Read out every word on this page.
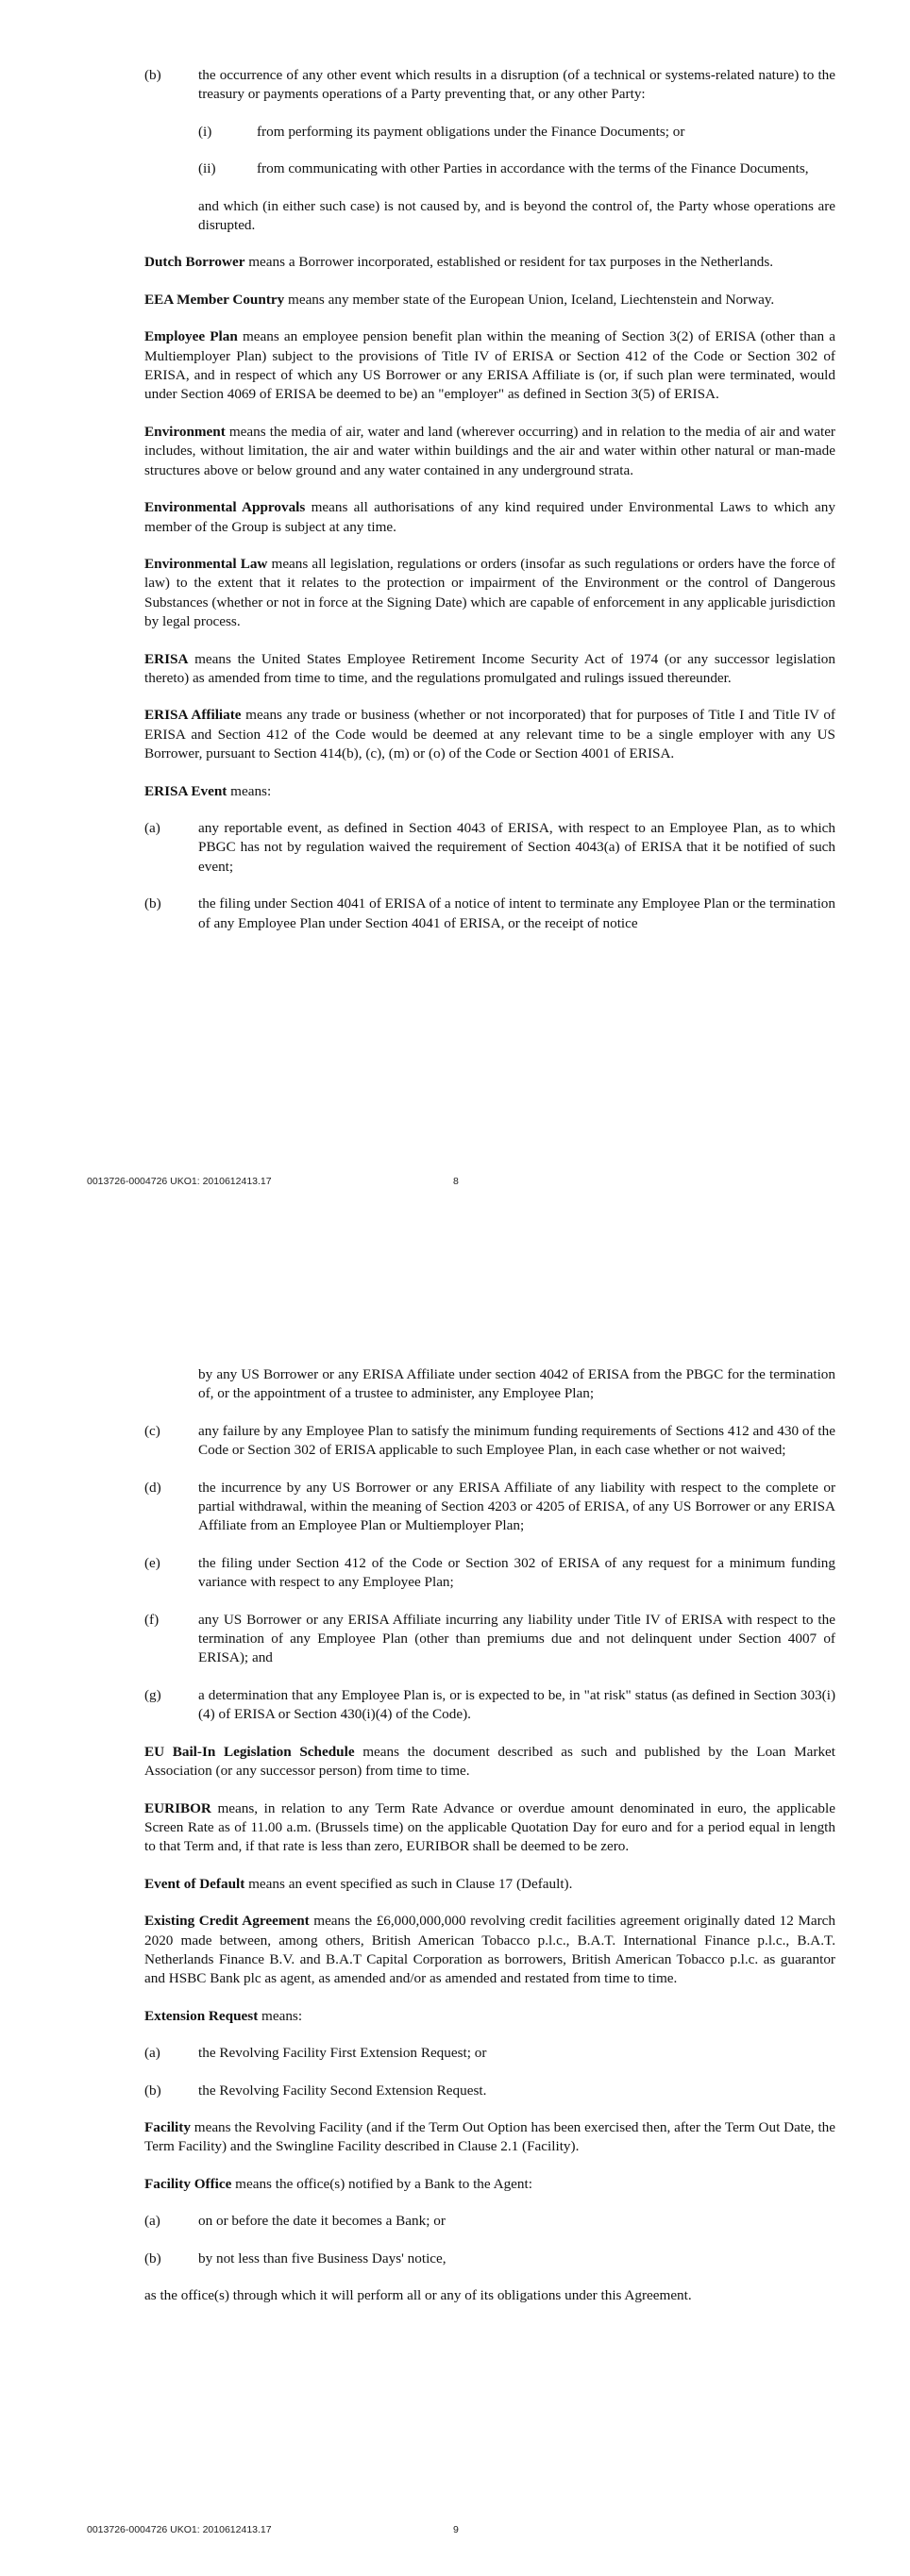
(b)	the occurrence of any other event which results in a disruption (of a technical or systems-related nature) to the treasury or payments operations of a Party preventing that, or any other Party:
(i)	from performing its payment obligations under the Finance Documents; or
(ii)	from communicating with other Parties in accordance with the terms of the Finance Documents,

and which (in either such case) is not caused by, and is beyond the control of, the Party whose operations are disrupted.

Dutch Borrower means a Borrower incorporated, established or resident for tax purposes in the Netherlands.

EEA Member Country means any member state of the European Union, Iceland, Liechtenstein and Norway.

Employee Plan means an employee pension benefit plan within the meaning of Section 3(2) of ERISA (other than a Multiemployer Plan) subject to the provisions of Title IV of ERISA or Section 412 of the Code or Section 302 of ERISA, and in respect of which any US Borrower or any ERISA Affiliate is (or, if such plan were terminated, would under Section 4069 of ERISA be deemed to be) an "employer" as defined in Section 3(5) of ERISA.

Environment means the media of air, water and land (wherever occurring) and in relation to the media of air and water includes, without limitation, the air and water within buildings and the air and water within other natural or man-made structures above or below ground and any water contained in any underground strata.

Environmental Approvals means all authorisations of any kind required under Environmental Laws to which any member of the Group is subject at any time.

Environmental Law means all legislation, regulations or orders (insofar as such regulations or orders have the force of law) to the extent that it relates to the protection or impairment of the Environment or the control of Dangerous Substances (whether or not in force at the Signing Date) which are capable of enforcement in any applicable jurisdiction by legal process.

ERISA means the United States Employee Retirement Income Security Act of 1974 (or any successor legislation thereto) as amended from time to time, and the regulations promulgated and rulings issued thereunder.

ERISA Affiliate means any trade or business (whether or not incorporated) that for purposes of Title I and Title IV of ERISA and Section 412 of the Code would be deemed at any relevant time to be a single employer with any US Borrower, pursuant to Section 414(b), (c), (m) or (o) of the Code or Section 4001 of ERISA.

ERISA Event means:

(a)	any reportable event, as defined in Section 4043 of ERISA, with respect to an Employee Plan, as to which PBGC has not by regulation waived the requirement of Section 4043(a) of ERISA that it be notified of such event;
(b)	the filing under Section 4041 of ERISA of a notice of intent to terminate any Employee Plan or the termination of any Employee Plan under Section 4041 of ERISA, or the receipt of notice
0013726-0004726 UKO1: 2010612413.17	8

by any US Borrower or any ERISA Affiliate under section 4042 of ERISA from the PBGC for the termination of, or the appointment of a trustee to administer, any Employee Plan;

(c)	any failure by any Employee Plan to satisfy the minimum funding requirements of Sections 412 and 430 of the Code or Section 302 of ERISA applicable to such Employee Plan, in each case whether or not waived;
(d)	the incurrence by any US Borrower or any ERISA Affiliate of any liability with respect to the complete or partial withdrawal, within the meaning of Section 4203 or 4205 of ERISA, of any US Borrower or any ERISA Affiliate from an Employee Plan or Multiemployer Plan;
(e)	the filing under Section 412 of the Code or Section 302 of ERISA of any request for a minimum funding variance with respect to any Employee Plan;
(f)	any US Borrower or any ERISA Affiliate incurring any liability under Title IV of ERISA with respect to the termination of any Employee Plan (other than premiums due and not delinquent under Section 4007 of ERISA); and
(g)	a determination that any Employee Plan is, or is expected to be, in "at risk" status (as defined in Section 303(i)(4) of ERISA or Section 430(i)(4) of the Code).

EU Bail-In Legislation Schedule means the document described as such and published by the Loan Market Association (or any successor person) from time to time.

EURIBOR means, in relation to any Term Rate Advance or overdue amount denominated in euro, the applicable Screen Rate as of 11.00 a.m. (Brussels time) on the applicable Quotation Day for euro and for a period equal in length to that Term and, if that rate is less than zero, EURIBOR shall be deemed to be zero.

Event of Default means an event specified as such in Clause 17 (Default).

Existing Credit Agreement means the £6,000,000,000 revolving credit facilities agreement originally dated 12 March 2020 made between, among others, British American Tobacco p.l.c., B.A.T. International Finance p.l.c., B.A.T. Netherlands Finance B.V. and B.A.T Capital Corporation as borrowers, British American Tobacco p.l.c. as guarantor and HSBC Bank plc as agent, as amended and/or as amended and restated from time to time.

Extension Request means:

(a)	the Revolving Facility First Extension Request; or
(b)	the Revolving Facility Second Extension Request.

Facility means the Revolving Facility (and if the Term Out Option has been exercised then, after the Term Out Date, the Term Facility) and the Swingline Facility described in Clause 2.1 (Facility).

Facility Office means the office(s) notified by a Bank to the Agent:

(a)	on or before the date it becomes a Bank; or
(b)	by not less than five Business Days' notice,

as the office(s) through which it will perform all or any of its obligations under this Agreement.

0013726-0004726 UKO1: 2010612413.17	9
